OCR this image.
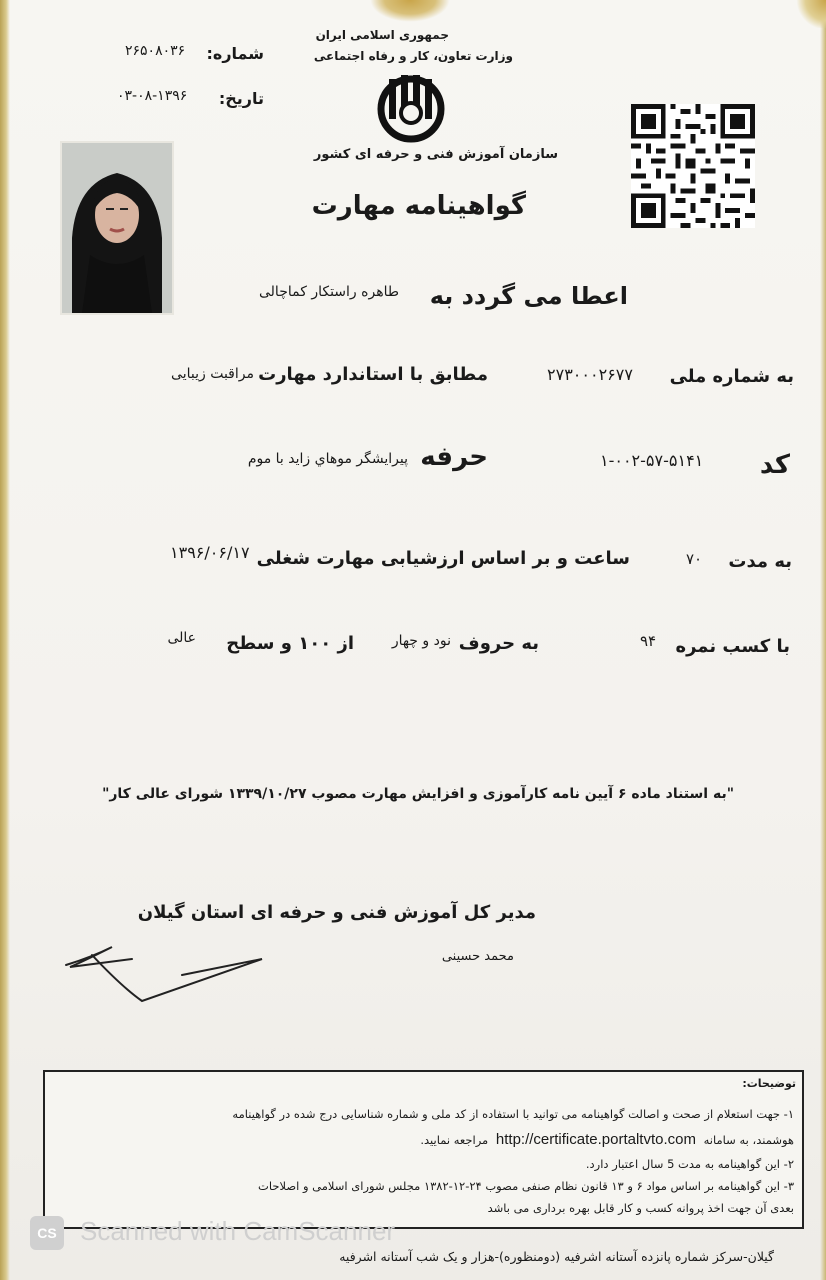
جمهوری اسلامی ایران
وزارت تعاون، کار و رفاه اجتماعی
شماره:
۲۶۵۰۸۰۳۶
تاریخ:
۰۳-۰۸-۱۳۹۶
سازمان آموزش فنی و حرفه ای کشور
گواهینامه مهارت
اعطا می گردد به
طاهره راستکار کماچالی
به شماره ملی
۲۷۳۰۰۰۲۶۷۷
مطابق با استاندارد مهارت
مراقبت زیبایی
کد
۱-۰۰۲-۵۷-۵۱۴۱
حرفه
پیرایشگر موهاي زايد با موم
به مدت
۷۰
ساعت و بر اساس ارزشیابی مهارت شغلی
۱۳۹۶/۰۶/۱۷
با کسب نمره
۹۴
به حروف
نود و چهار
از ۱۰۰ و سطح
عالی
"به استناد ماده ۶ آیین نامه کارآموزی و افزایش مهارت مصوب ۱۳۳۹/۱۰/۲۷ شورای عالی کار"
مدیر کل آموزش فنی و حرفه ای استان گیلان
محمد حسینی
توضیحات:
۱- جهت استعلام از صحت و اصالت گواهینامه می توانید با استفاده از کد ملی و شماره شناسایی درج شده در گواهینامه
هوشمند، به سامانه http://certificate.portaltvto.com مراجعه نمایید.
۲- این گواهینامه به مدت 5 سال اعتبار دارد.
۳- این گواهینامه بر اساس مواد ۶ و ۱۳ قانون نظام صنفی مصوب ۲۴-۱۲-۱۳۸۲ مجلس شورای اسلامی و اصلاحات
بعدی آن جهت اخذ پروانه کسب و کار قابل بهره برداری می باشد
CS Scanned with CamScanner
گیلان-سرکز شماره پانزده آستانه اشرفیه (دومنظوره)-هزار و یک شب آستانه اشرفیه
